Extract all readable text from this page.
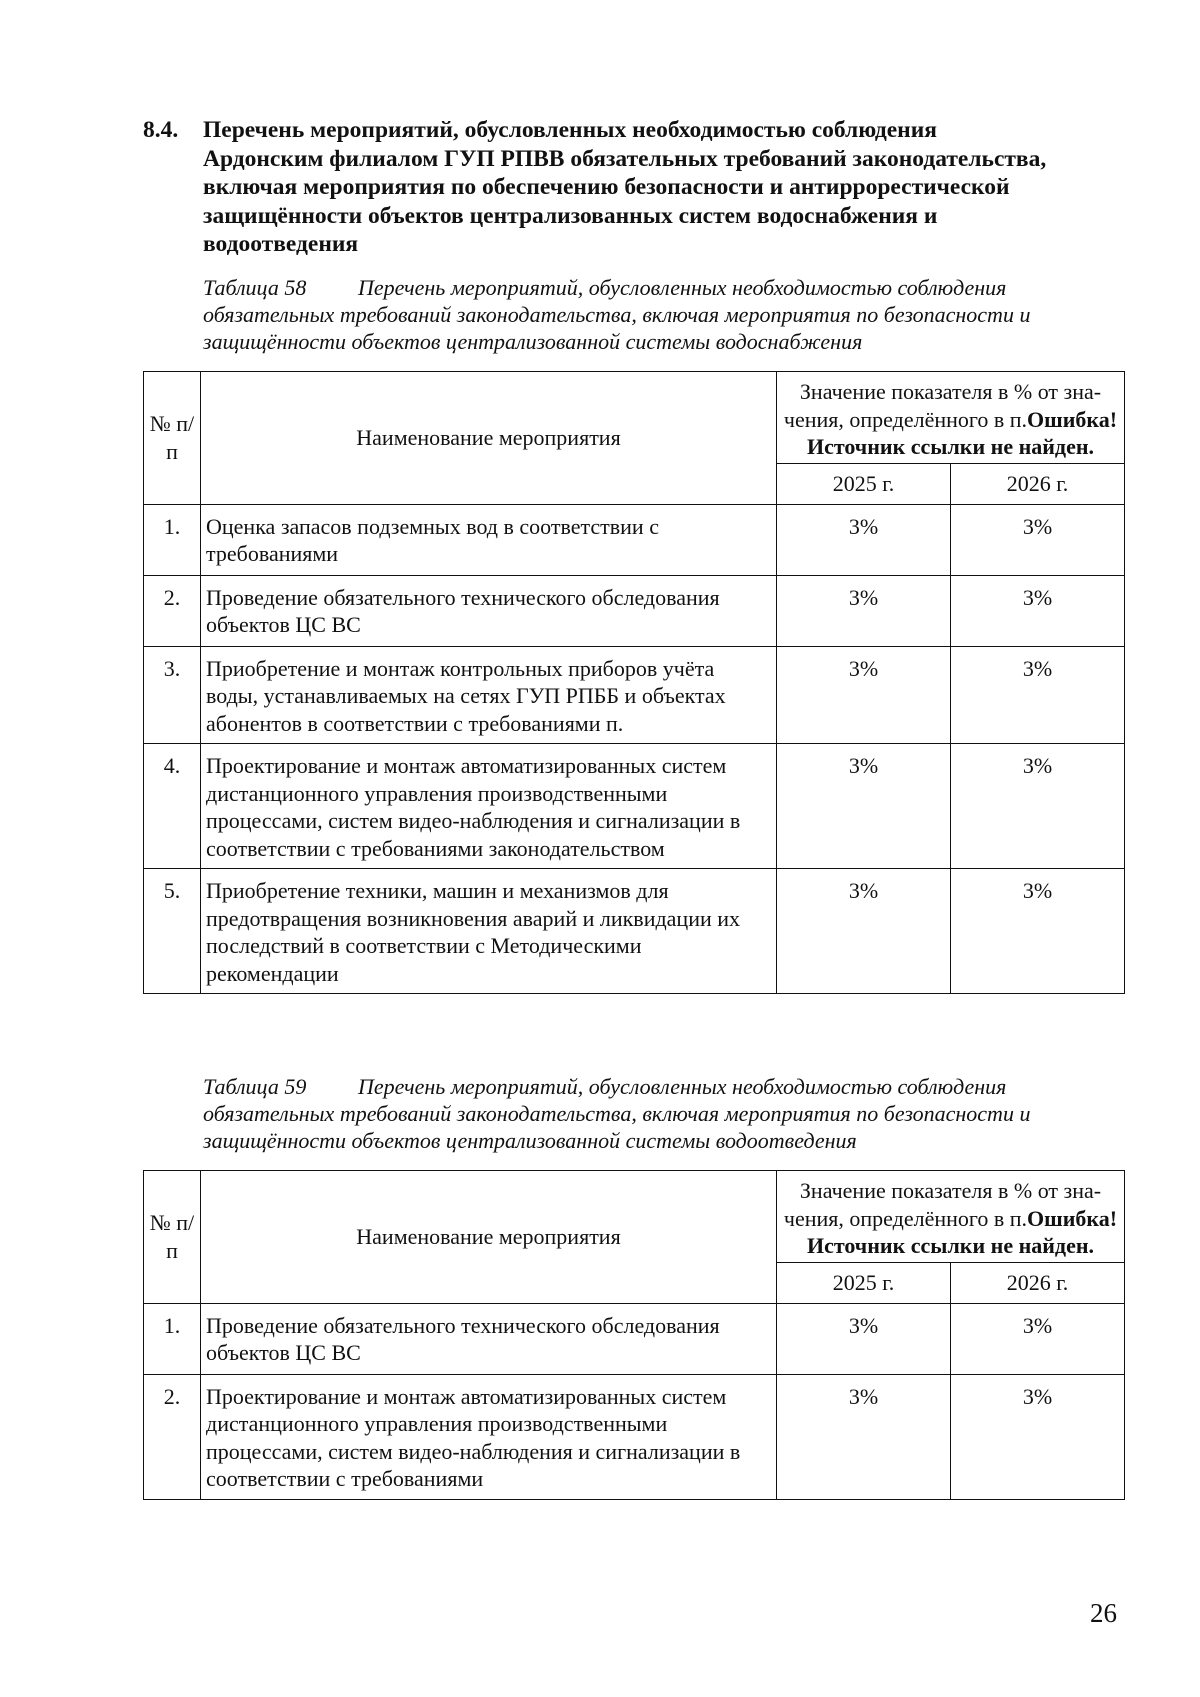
8.4. Перечень мероприятий, обусловленных необходимостью соблюдения Ардонским филиалом ГУП РПВВ обязательных требований законодательства, включая мероприятия по обеспечению безопасности и антиррорестической защищённости объектов централизованных систем водоснабжения и водоотведения
Таблица 58 Перечень мероприятий, обусловленных необходимостью соблюдения обязательных требований законодательства, включая мероприятия по безопасности и защищённости объектов централизованной системы водоснабжения
№ п/п	Наименование мероприятия	Значение показателя в % от зна-чения, определённого в п.Ошибка! Источник ссылки не найден.	
		2025 г.	2026 г.

1.	Оценка запасов подземных вод в соответствии с требованиями	3%	3%

2.	Проведение обязательного технического обследования объектов ЦС ВС	3%	3%

3.	Приобретение и монтаж контрольных приборов учёта воды, устанавливаемых на сетях ГУП РПББ и объектах абонентов в соответствии с требованиями п.	3%	3%

4.	Проектирование и монтаж автоматизированных систем дистанционного управления производственными процессами, систем видео-наблюдения и сигнализации в соответствии с требованиями законодательством	3%	3%

5.	Приобретение техники, машин и механизмов для предотвращения возникновения аварий и ликвидации их последствий в соответствии с Методическими рекомендации	3%	3%
Таблица 59 Перечень мероприятий, обусловленных необходимостью соблюдения обязательных требований законодательства, включая мероприятия по безопасности и защищённости объектов централизованной системы водоотведения
№ п/п	Наименование мероприятия	Значение показателя в % от зна-чения, определённого в п.Ошибка! Источник ссылки не найден.	
		2025 г.	2026 г.

1.	Проведение обязательного технического обследования объектов ЦС ВС	3%	3%

2.	Проектирование и монтаж автоматизированных систем дистанционного управления производственными процессами, систем видео-наблюдения и сигнализации в соответствии с требованиями	3%	3%
26
